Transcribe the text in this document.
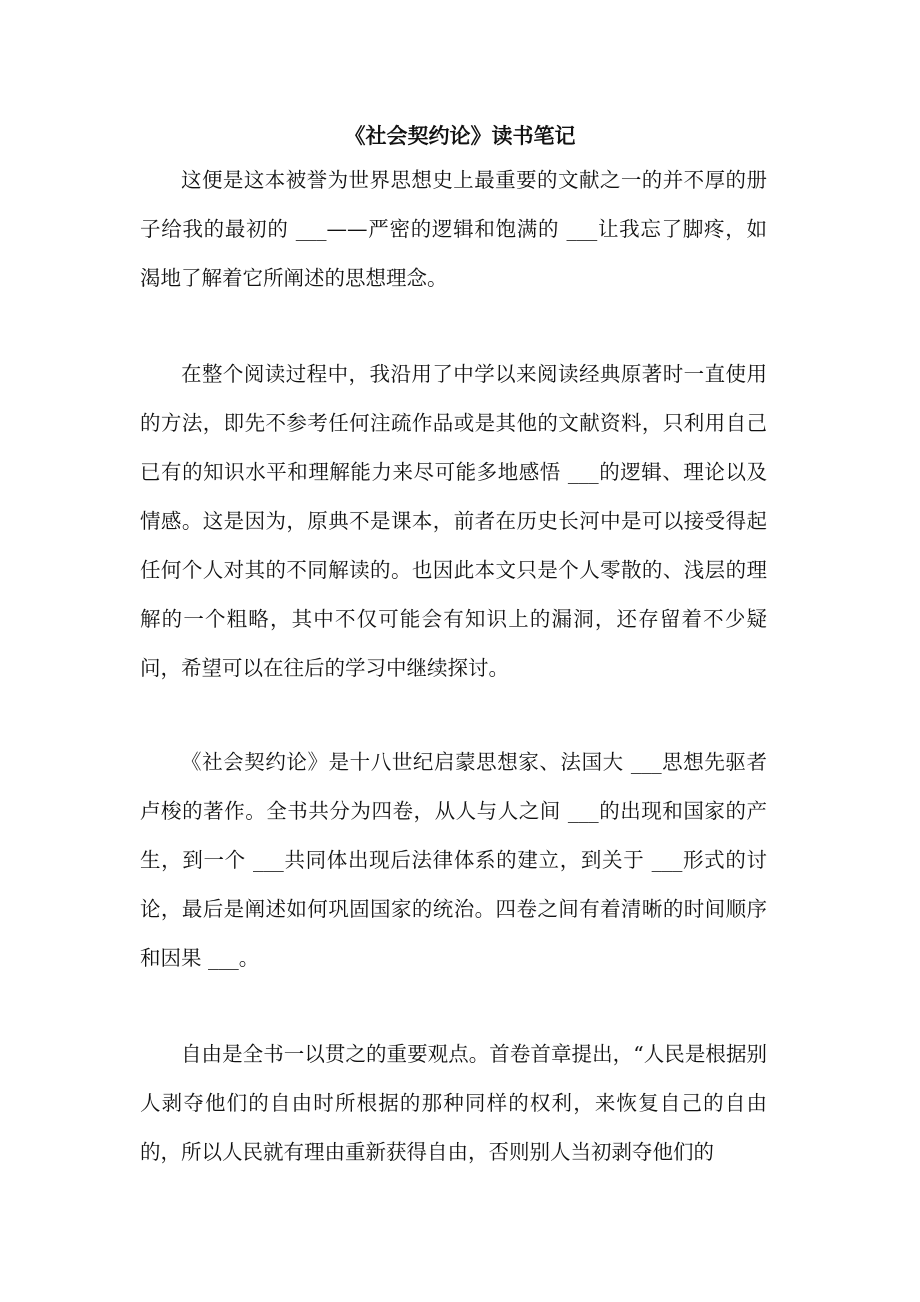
《社会契约论》读书笔记

这便是这本被誉为世界思想史上最重要的文献之一的并不厚的册子给我的最初的 ___——严密的逻辑和饱满的 ___让我忘了脚疼，如渴地了解着它所阐述的思想理念。

在整个阅读过程中，我沿用了中学以来阅读经典原著时一直使用的方法，即先不参考任何注疏作品或是其他的文献资料，只利用自己已有的知识水平和理解能力来尽可能多地感悟 ___的逻辑、理论以及情感。这是因为，原典不是课本，前者在历史长河中是可以接受得起任何个人对其的不同解读的。也因此本文只是个人零散的、浅层的理解的一个粗略，其中不仅可能会有知识上的漏洞，还存留着不少疑问，希望可以在往后的学习中继续探讨。

《社会契约论》是十八世纪启蒙思想家、法国大 ___思想先驱者卢梭的著作。全书共分为四卷，从人与人之间 ___的出现和国家的产生，到一个 ___共同体出现后法律体系的建立，到关于 ___形式的讨论，最后是阐述如何巩固国家的统治。四卷之间有着清晰的时间顺序和因果 ___。

自由是全书一以贯之的重要观点。首卷首章提出，“人民是根据别人剥夺他们的自由时所根据的那种同样的权利，来恢复自己的自由的，所以人民就有理由重新获得自由，否则别人当初剥夺他们的
